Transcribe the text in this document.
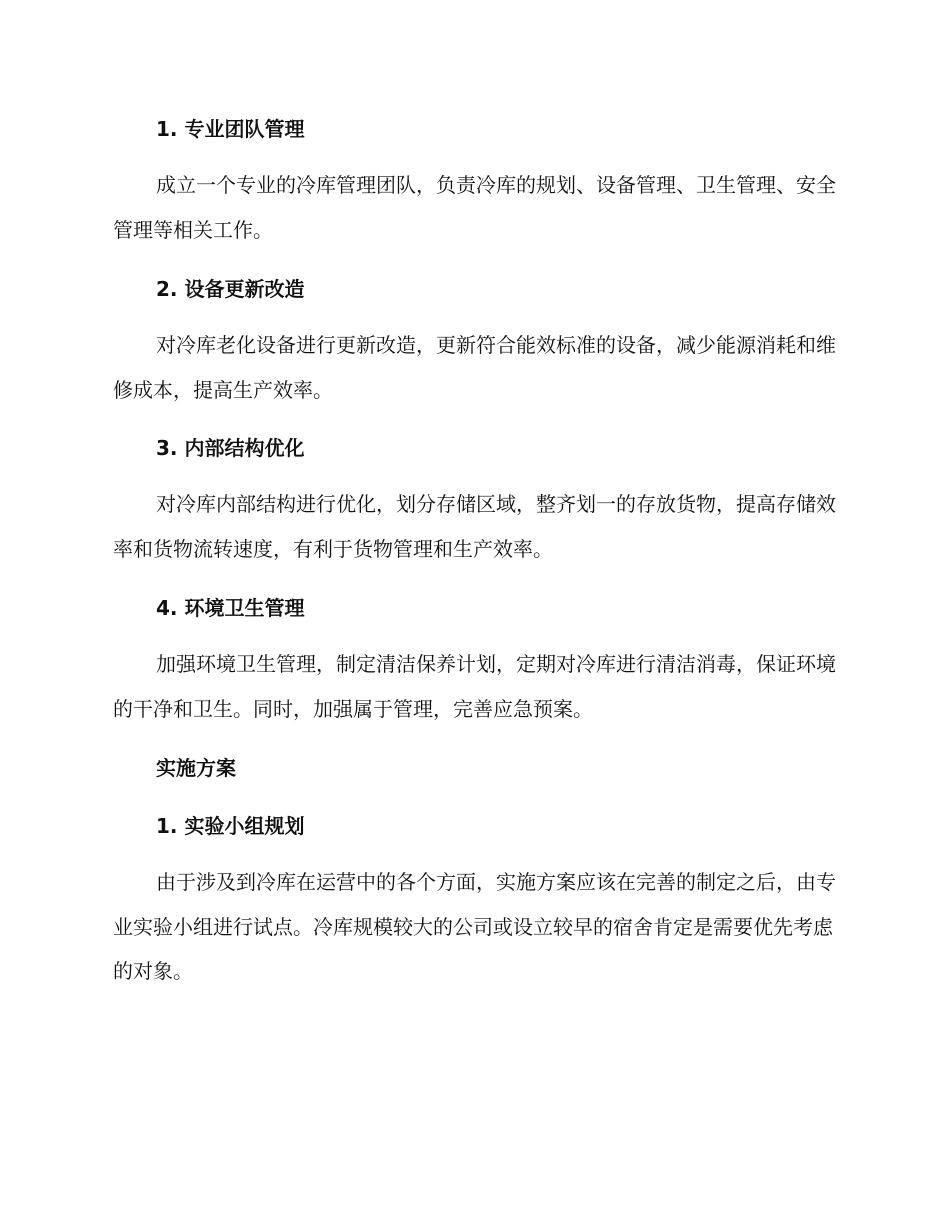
1. 专业团队管理

成立一个专业的冷库管理团队，负责冷库的规划、设备管理、卫生管理、安全管理等相关工作。

2. 设备更新改造

对冷库老化设备进行更新改造，更新符合能效标准的设备，减少能源消耗和维修成本，提高生产效率。

3. 内部结构优化

对冷库内部结构进行优化，划分存储区域，整齐划一的存放货物，提高存储效率和货物流转速度，有利于货物管理和生产效率。

4. 环境卫生管理

加强环境卫生管理，制定清洁保养计划，定期对冷库进行清洁消毒，保证环境的干净和卫生。同时，加强属于管理，完善应急预案。

实施方案
1. 实验小组规划

由于涉及到冷库在运营中的各个方面，实施方案应该在完善的制定之后，由专业实验小组进行试点。冷库规模较大的公司或设立较早的宿舍肯定是需要优先考虑的对象。
